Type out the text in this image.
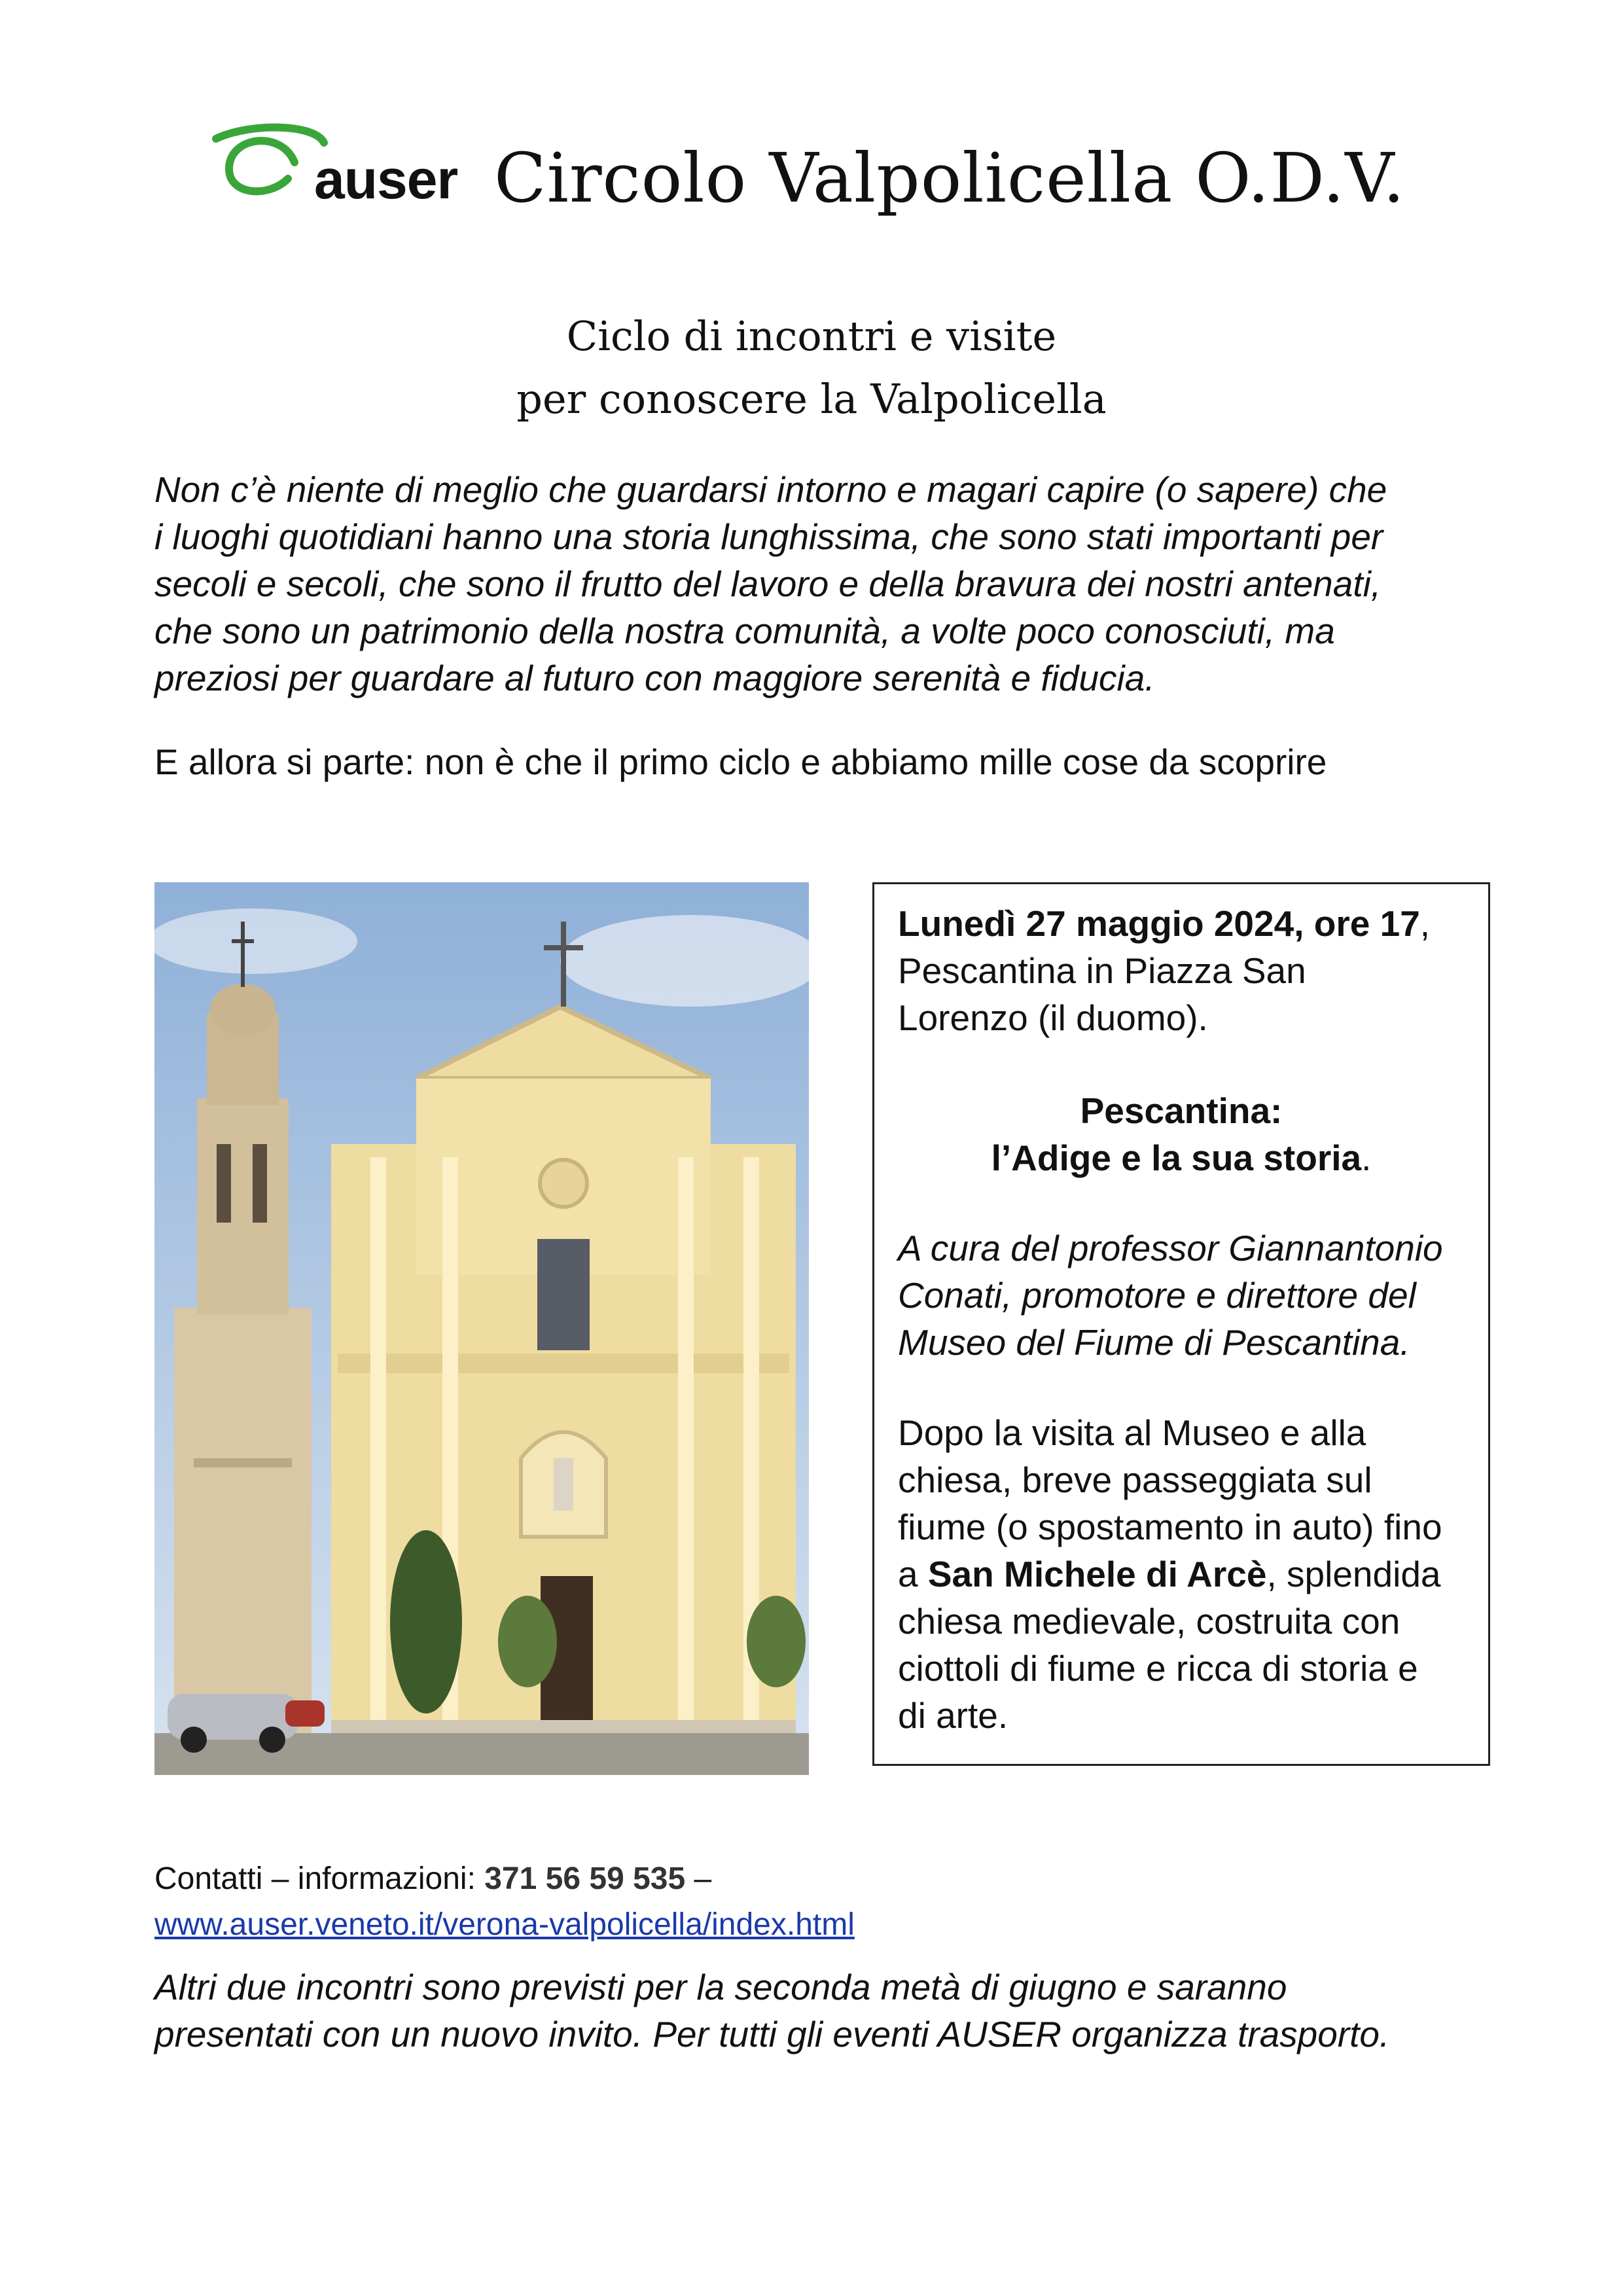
auser Circolo Valpolicella O.D.V.
Ciclo di incontri e visite
per conoscere la Valpolicella
Non c’è niente di meglio che guardarsi intorno e magari capire (o sapere) che
i luoghi quotidiani hanno una storia lunghissima, che sono stati importanti per
secoli e secoli, che sono il frutto del lavoro e della bravura dei nostri antenati,
che sono un patrimonio della nostra comunità, a volte poco conosciuti, ma
preziosi per guardare al futuro con maggiore serenità e fiducia.
E allora si parte: non è che il primo ciclo e abbiamo mille cose da scoprire
Lunedì 27 maggio 2024, ore 17,
Pescantina in Piazza San
Lorenzo (il duomo).
Pescantina:
l’Adige e la sua storia.
A cura del professor Giannantonio
Conati, promotore e direttore del
Museo del Fiume di Pescantina.
Dopo la visita al Museo e alla
chiesa, breve passeggiata sul
fiume (o spostamento in auto) fino
a San Michele di Arcè, splendida
chiesa medievale, costruita con
ciottoli di fiume e ricca di storia e
di arte.
Contatti – informazioni: 371 56 59 535 –
www.auser.veneto.it/verona-valpolicella/index.html
Altri due incontri sono previsti per la seconda metà di giugno e saranno
presentati con un nuovo invito. Per tutti gli eventi AUSER organizza trasporto.
